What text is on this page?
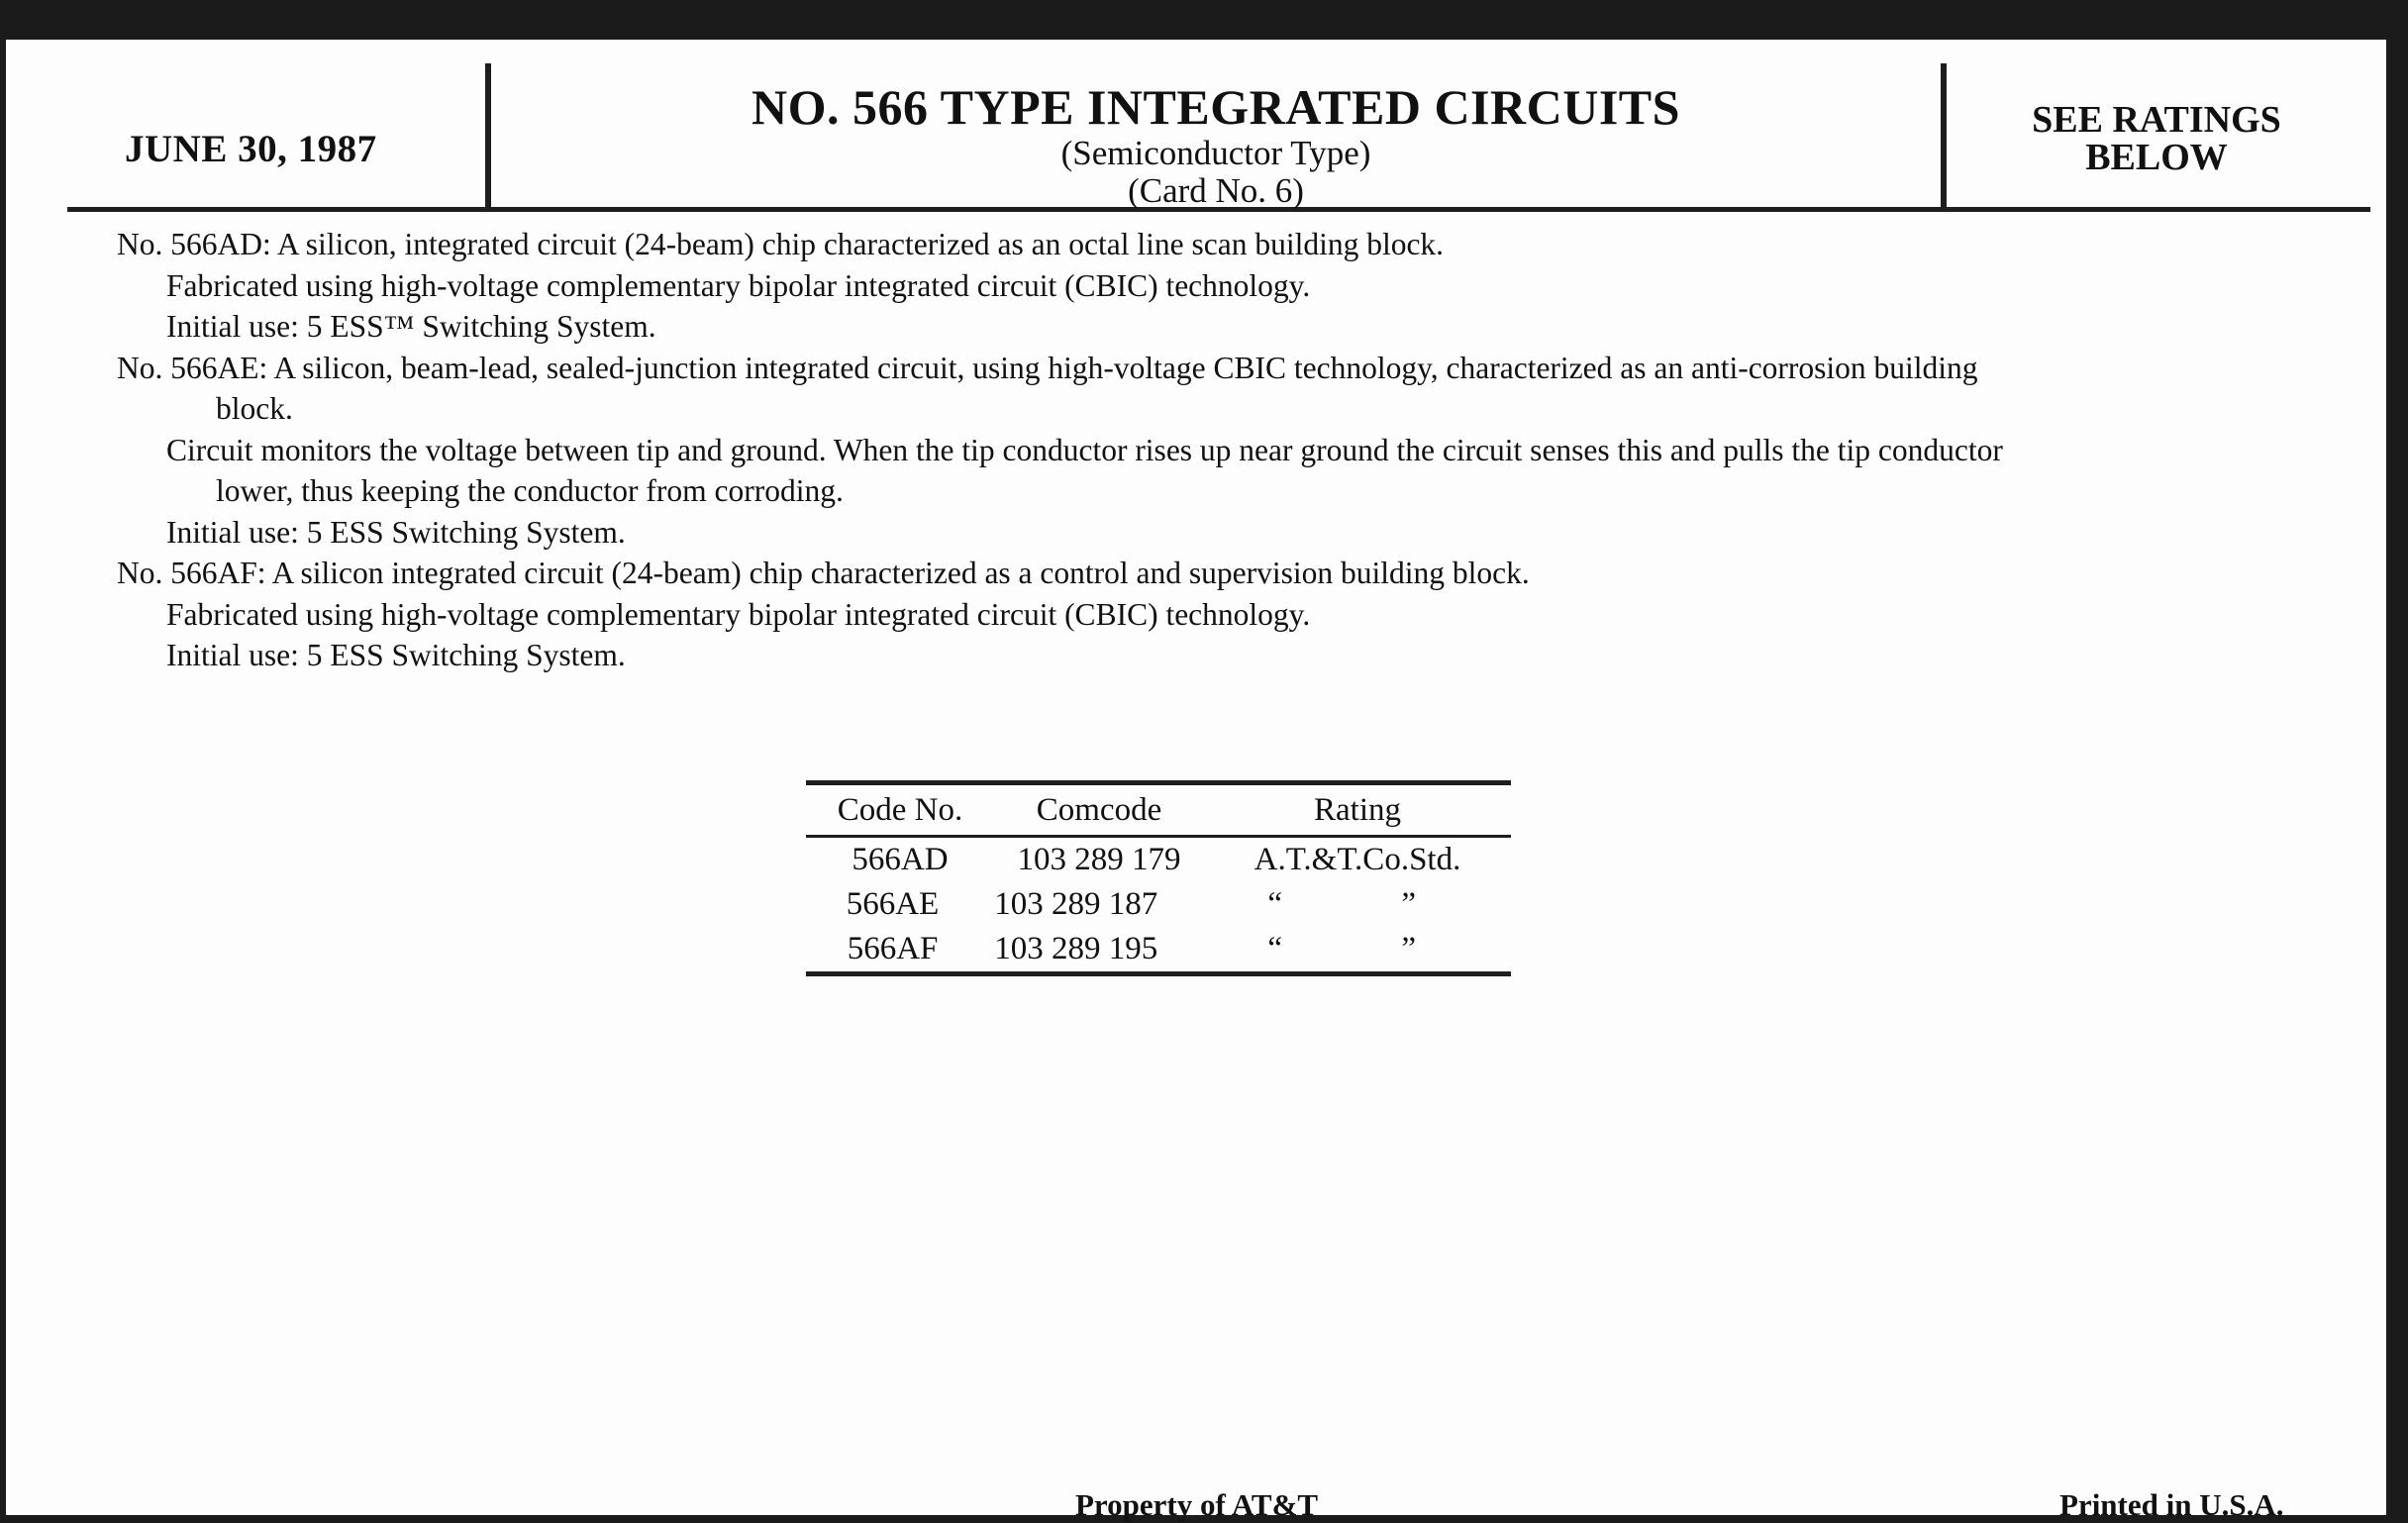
JUNE 30, 1987
NO. 566 TYPE INTEGRATED CIRCUITS
(Semiconductor Type)
(Card No. 6)
SEE RATINGS
BELOW
No. 566AD: A silicon, integrated circuit (24-beam) chip characterized as an octal line scan building block.
Fabricated using high-voltage complementary bipolar integrated circuit (CBIC) technology.
Initial use: 5 ESS™ Switching System.
No. 566AE: A silicon, beam-lead, sealed-junction integrated circuit, using high-voltage CBIC technology, characterized as an anti-corrosion building
block.
Circuit monitors the voltage between tip and ground. When the tip conductor rises up near ground the circuit senses this and pulls the tip conductor
lower, thus keeping the conductor from corroding.
Initial use: 5 ESS Switching System.
No. 566AF: A silicon integrated circuit (24-beam) chip characterized as a control and supervision building block.
Fabricated using high-voltage complementary bipolar integrated circuit (CBIC) technology.
Initial use: 5 ESS Switching System.
Code No.	Comcode	Rating
566AD	103 289 179	A.T.&T.Co.Std.
566AE	103 289 187	“ ”
566AF	103 289 195	“ ”
Property of AT&T	Printed in U.S.A.
